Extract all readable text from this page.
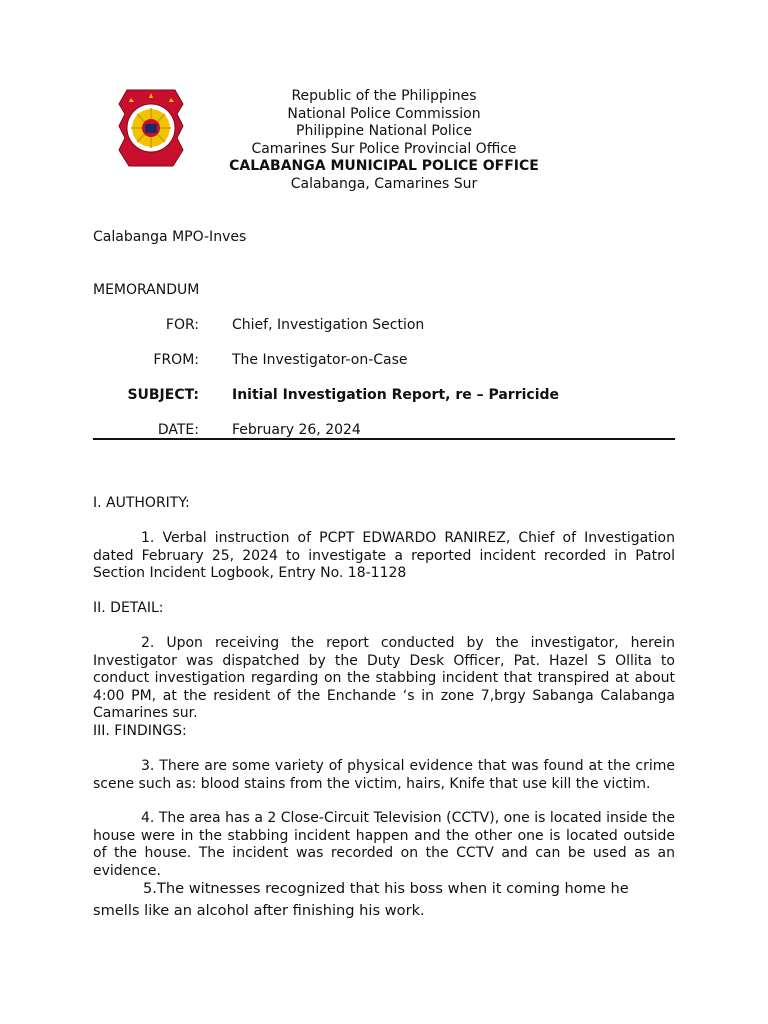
Republic of the Philippines
National Police Commission
Philippine National Police
Camarines Sur Police Provincial Office
CALABANGA MUNICIPAL POLICE OFFICE
Calabanga, Camarines Sur
Calabanga MPO-Inves
MEMORANDUM
FOR: Chief, Investigation Section
FROM: The Investigator-on-Case
SUBJECT: Initial Investigation Report, re – Parricide
DATE: February 26, 2024
I. AUTHORITY:

1. Verbal instruction of PCPT EDWARDO RANIREZ, Chief of Investigation dated February 25, 2024 to investigate a reported incident recorded in Patrol Section Incident Logbook, Entry No. 18-1128

II. DETAIL:

2. Upon receiving the report conducted by the investigator, herein Investigator was dispatched by the Duty Desk Officer, Pat. Hazel S Ollita to conduct investigation regarding on the stabbing incident that transpired at about 4:00 PM, at the resident of the Enchande ‘s in zone 7,brgy Sabanga Calabanga Camarines sur.

III. FINDINGS:

3. There are some variety of physical evidence that was found at the crime scene such as: blood stains from the victim, hairs, Knife that use kill the victim.

4. The area has a 2 Close-Circuit Television (CCTV), one is located inside the house were in the stabbing incident happen and the other one is located outside of the house. The incident was recorded on the CCTV and can be used as an evidence.

5.The witnesses recognized that his boss when it coming home he smells like an alcohol after finishing his work.
